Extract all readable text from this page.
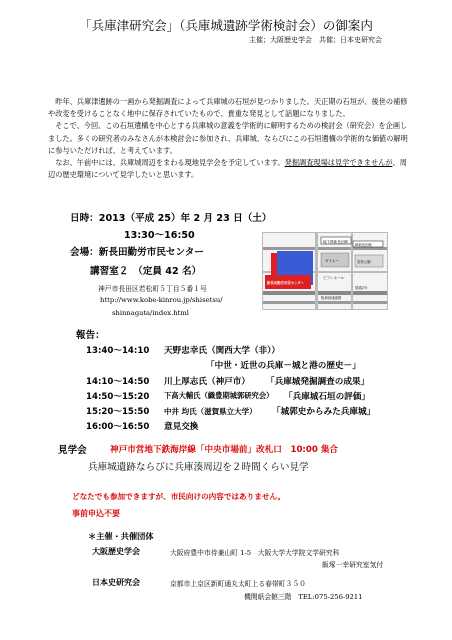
「兵庫津研究会」（兵庫城遺跡学術検討会）の御案内
主催；大阪歴史学会　共催；日本史研究会

昨年、兵庫津遺跡の一画から発掘調査によって兵庫城の石垣が見つかりました。天正期の石垣が、後世の補修や改変を受けることなく地中に保存されていたもので、貴重な発見として話題になりました。

そこで、今回、この石垣遺構を中心とする兵庫城の意義を学術的に解明するための検討会（研究会）を企画しました。多くの研究者のみなさんが本検討会に参加され、兵庫城、ならびにこの石垣遺構の学術的な価値の解明に参与いただければ、と考えています。

なお、午前中には、兵庫城周辺をまわる現地見学会を予定しています。発掘調査現場は見学できませんが、周辺の歴史環境について見学したいと思います。

日時：2013（平成 25）年 2 月 23 日（土）
13:30～16:50
会場：新長田勤労市民センター
講習室２　（定員 42 名）
神戸市長田区若松町５丁目５番１号
http://www.kobe-kinrou.jp/shisetsu/
shinnagata/index.html
地下鉄新長田駅
JR新長田駅
ダイエー
新長田勤労市民センター
ピフレホール
若松公園
国道2号
阪神高速道路
報告：
13:40～14:10 天野忠幸氏（関西大学（非））
「中世・近世の兵庫－城と港の歴史－」
14:10～14:50 川上厚志氏（神戸市） 「兵庫城発掘調査の成果」
14:50～15:20 下高大輔氏（織豊期城郭研究会） 「兵庫城石垣の評価」
15:20～15:50 中井 均氏（滋賀県立大学） 「城郭史からみた兵庫城」
16:00～16:50 意見交換
見学会	神戸市営地下鉄海岸線「中央市場前」改札口　10:00 集合
兵庫城遺跡ならびに兵庫湊周辺を２時間くらい見学
どなたでも参加できますが、市民向けの内容ではありません。
事前申込不要
＊主催・共催団体
大阪歴史学会	大阪府豊中市待兼山町 1-5　大阪大学大学院文学研究科
飯塚一幸研究室気付
日本史研究会	京都市上京区新町通丸太町上る春帯町３５０
機関紙会館三階　TEL:075-256-9211
